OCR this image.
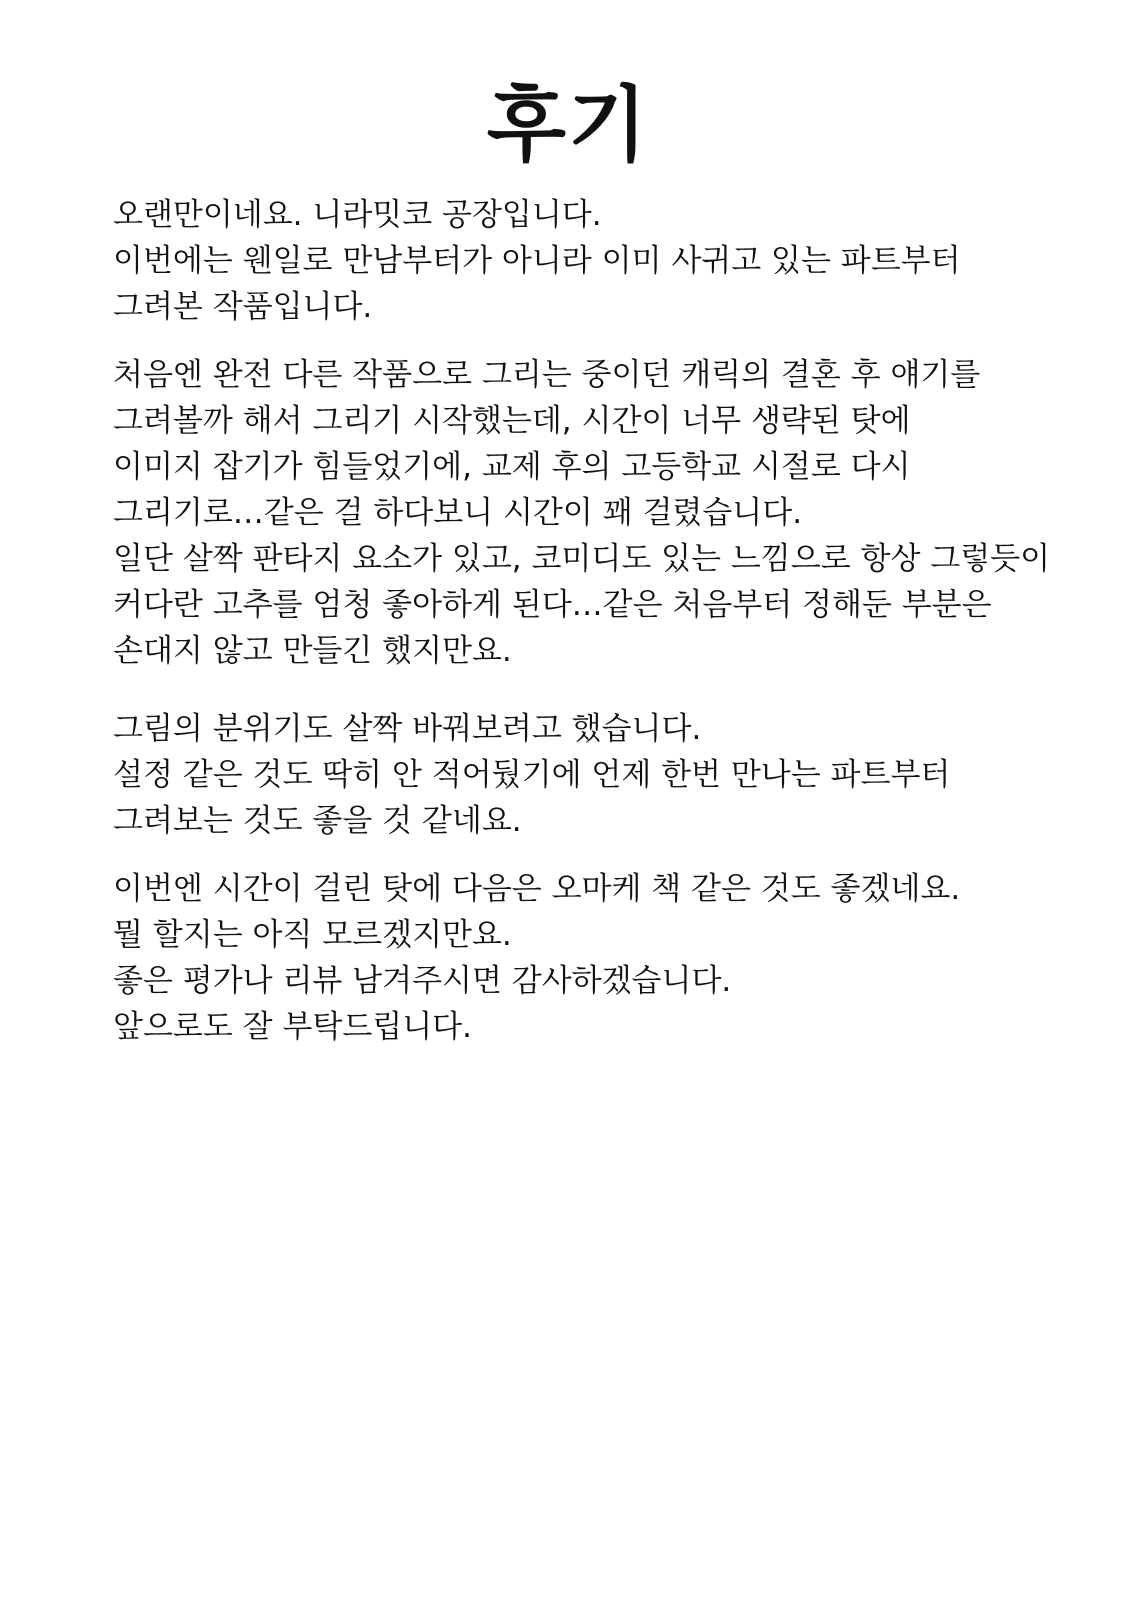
후기

오랜만이네요. 니라밋코 공장입니다.
이번에는 웬일로 만남부터가 아니라 이미 사귀고 있는 파트부터
그려본 작품입니다.

처음엔 완전 다른 작품으로 그리는 중이던 캐릭의 결혼 후 얘기를
그려볼까 해서 그리기 시작했는데, 시간이 너무 생략된 탓에
이미지 잡기가 힘들었기에, 교제 후의 고등학교 시절로 다시
그리기로…같은 걸 하다보니 시간이 꽤 걸렸습니다.
일단 살짝 판타지 요소가 있고, 코미디도 있는 느낌으로 항상 그렇듯이
커다란 고추를 엄청 좋아하게 된다…같은 처음부터 정해둔 부분은
손대지 않고 만들긴 했지만요.

그림의 분위기도 살짝 바꿔보려고 했습니다.
설정 같은 것도 딱히 안 적어뒀기에 언제 한번 만나는 파트부터
그려보는 것도 좋을 것 같네요.

이번엔 시간이 걸린 탓에 다음은 오마케 책 같은 것도 좋겠네요.
뭘 할지는 아직 모르겠지만요.
좋은 평가나 리뷰 남겨주시면 감사하겠습니다.
앞으로도 잘 부탁드립니다.
